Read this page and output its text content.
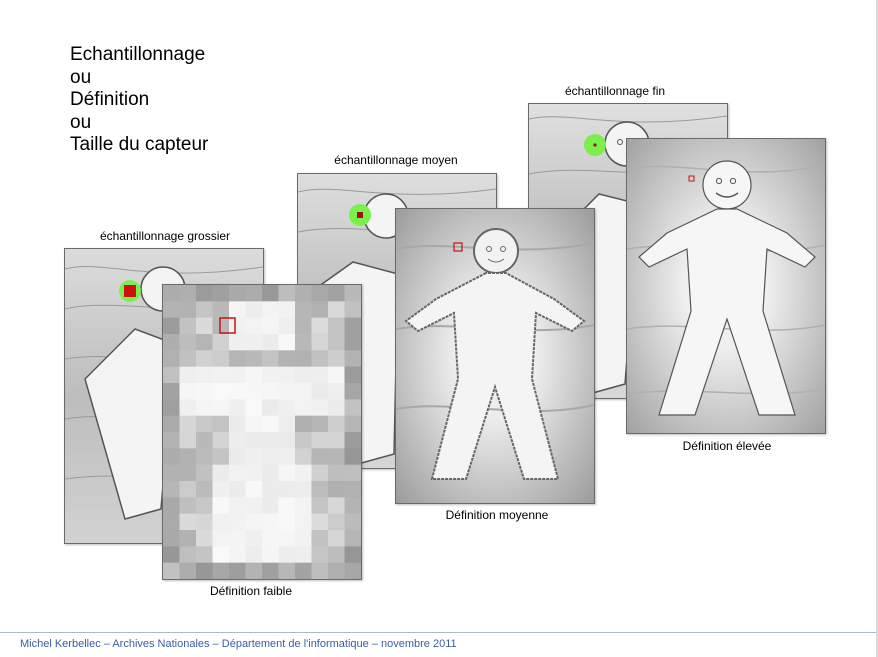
Echantillonnage
ou
Définition
ou
Taille du capteur
échantillonnage grossier
échantillonnage moyen
échantillonnage fin
Définition faible
Définition moyenne
Définition élevée
Michel Kerbellec – Archives Nationales – Département de l'informatique – novembre 2011
